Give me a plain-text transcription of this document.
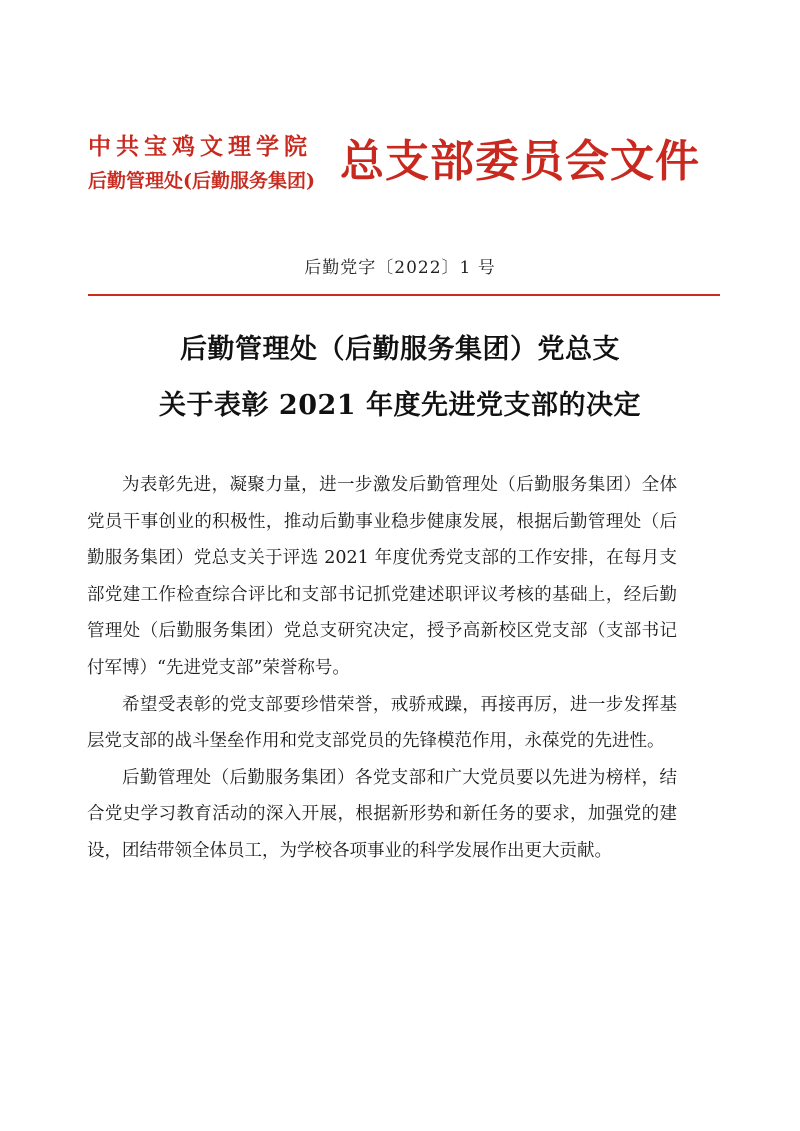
中共宝鸡文理学院
后勤管理处(后勤服务集团) 总支部委员会文件
后勤党字〔2022〕1 号
后勤管理处（后勤服务集团）党总支
关于表彰 2021 年度先进党支部的决定

为表彰先进，凝聚力量，进一步激发后勤管理处（后勤服务集团）全体党员干事创业的积极性，推动后勤事业稳步健康发展，根据后勤管理处（后勤服务集团）党总支关于评选 2021 年度优秀党支部的工作安排，在每月支部党建工作检查综合评比和支部书记抓党建述职评议考核的基础上，经后勤管理处（后勤服务集团）党总支研究决定，授予高新校区党支部（支部书记付军博）“先进党支部”荣誉称号。

希望受表彰的党支部要珍惜荣誉，戒骄戒躁，再接再厉，进一步发挥基层党支部的战斗堡垒作用和党支部党员的先锋模范作用，永葆党的先进性。

后勤管理处（后勤服务集团）各党支部和广大党员要以先进为榜样，结合党史学习教育活动的深入开展，根据新形势和新任务的要求，加强党的建设，团结带领全体员工，为学校各项事业的科学发展作出更大贡献。
